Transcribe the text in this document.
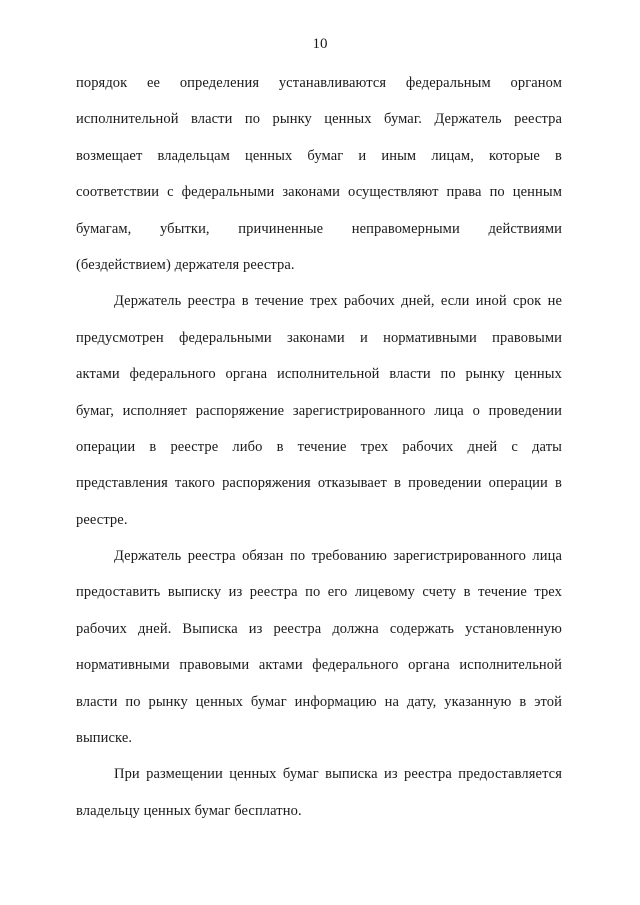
10
порядок ее определения устанавливаются федеральным органом
исполнительной власти по рынку ценных бумаг. Держатель реестра
возмещает владельцам ценных бумаг и иным лицам, которые в
соответствии с федеральными законами осуществляют права по ценным
бумагам, убытки, причиненные неправомерными действиями
(бездействием) держателя реестра.
Держатель реестра в течение трех рабочих дней, если иной срок не
предусмотрен федеральными законами и нормативными правовыми
актами федерального органа исполнительной власти по рынку ценных
бумаг, исполняет распоряжение зарегистрированного лица о проведении
операции в реестре либо в течение трех рабочих дней с даты
представления такого распоряжения отказывает в проведении операции в
реестре.
Держатель реестра обязан по требованию зарегистрированного лица
предоставить выписку из реестра по его лицевому счету в течение трех
рабочих дней. Выписка из реестра должна содержать установленную
нормативными правовыми актами федерального органа исполнительной
власти по рынку ценных бумаг информацию на дату, указанную в этой
выписке.
При размещении ценных бумаг выписка из реестра предоставляется
владельцу ценных бумаг бесплатно.
